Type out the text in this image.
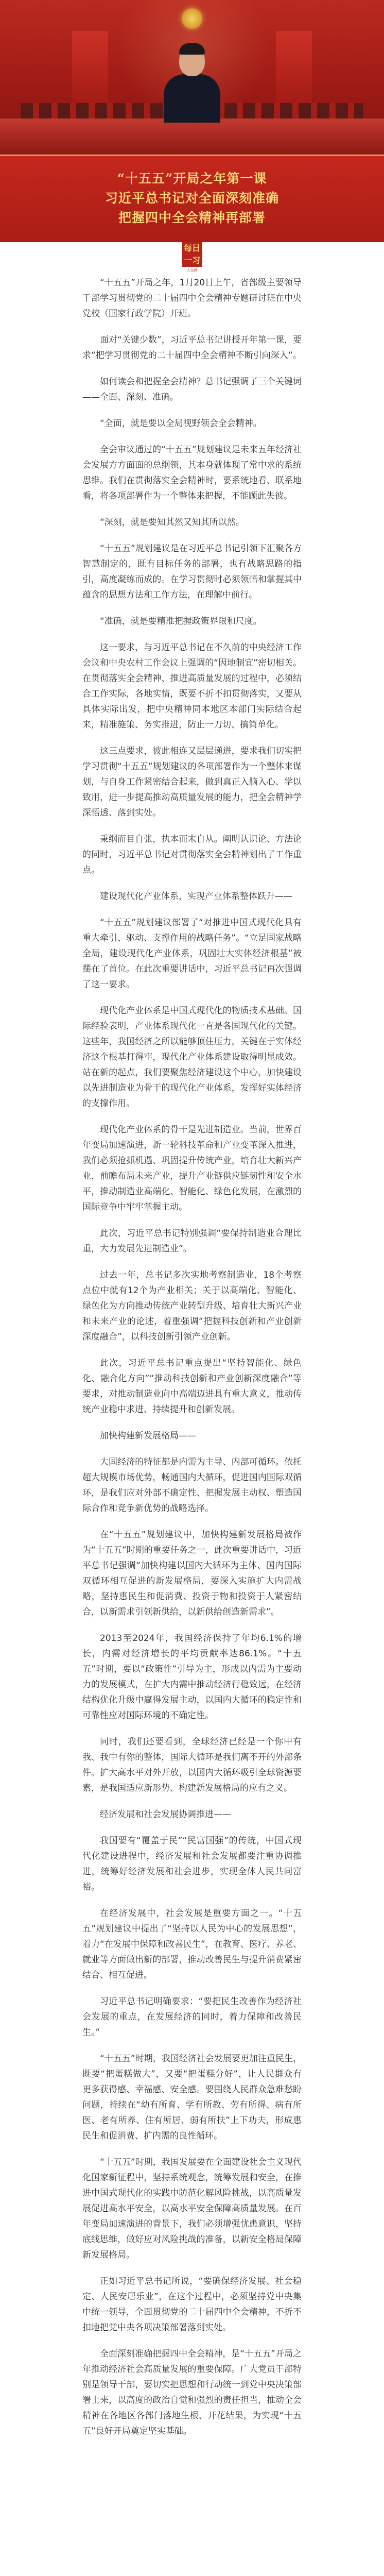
“十五五”开局之年第一课
习近平总书记对全面深刻准确
把握四中全会精神再部署
每日一习
大众网

“十五五”开局之年，1月20日上午，省部级主要领导干部学习贯彻党的二十届四中全会精神专题研讨班在中央党校（国家行政学院）开班。

面对“关键少数”，习近平总书记讲授开年第一课，要求“把学习贯彻党的二十届四中全会精神不断引向深入”。

如何读会和把握全会精神？总书记强调了三个关键词——全面、深刻、准确。

“全面，就是要以全局视野领会全会精神。

全会审议通过的“十五五”规划建议是未来五年经济社会发展方方面面的总纲领，其本身就体现了常中求的系统思维。我们在贯彻落实全会精神时，要系统地看、联系地看，将各项部署作为一个整体来把握，不能顾此失彼。

“深刻，就是要知其然又知其所以然。

“十五五”规划建议是在习近平总书记引领下汇聚各方智慧制定的，既有目标任务的部署，也有战略思路的指引，高度凝练而成的。在学习贯彻时必须领悟和掌握其中蕴含的思想方法和工作方法，在理解中前行。

“准确，就是要精准把握政策界限和尺度。

这一要求，与习近平总书记在不久前的中央经济工作会议和中央农村工作会议上强调的“因地制宜”密切相关。在贯彻落实全会精神、推进高质量发展的过程中，必须结合工作实际，各地实情，既要不折不扣贯彻落实，又要从具体实际出发，把中央精神同本地区本部门实际结合起来，精准施策、务实推进，防止一刀切、搞简单化。

这三点要求，彼此相连又层层递进，要求我们切实把学习贯彻“十五五”规划建议的各项部署作为一个整体来谋划，与自身工作紧密结合起来，做到真正入脑入心、学以致用，进一步提高推动高质量发展的能力，把全会精神学深悟透、落到实处。

秉纲而目自张，执本而末自从。阐明认识论、方法论的同时，习近平总书记对贯彻落实全会精神划出了工作重点。

建设现代化产业体系，实现产业体系整体跃升——

“十五五”规划建议部署了“对推进中国式现代化具有重大牵引、驱动、支撑作用的战略任务”。“立足国家战略全局，建设现代化产业体系，巩固壮大实体经济根基”被摆在了首位。在此次重要讲话中，习近平总书记再次强调了这一要求。

现代化产业体系是中国式现代化的物质技术基础。国际经验表明，产业体系现代化一直是各国现代化的关键。这些年，我国经济之所以能够顶住压力，关键在于实体经济这个根基打得牢，现代化产业体系建设取得明显成效。站在新的起点，我们要聚焦经济建设这个中心，加快建设以先进制造业为骨干的现代化产业体系，发挥好实体经济的支撑作用。

现代化产业体系的骨干是先进制造业。当前，世界百年变局加速演进，新一轮科技革命和产业变革深入推进，我们必须抢抓机遇、巩固提升传统产业，培育壮大新兴产业，前瞻布局未来产业，提升产业链供应链韧性和安全水平，推动制造业高端化、智能化、绿色化发展，在激烈的国际竞争中牢牢掌握主动。

此次，习近平总书记特别强调“要保持制造业合理比重，大力发展先进制造业”。

过去一年，总书记多次实地考察制造业，18个考察点位中就有12个为产业相关；关于以高端化、智能化、绿色化为方向推动传统产业转型升级、培育壮大新兴产业和未来产业的论述，着重强调“把握科技创新和产业创新深度融合”，以科技创新引领产业创新。

此次，习近平总书记重点提出“坚持智能化、绿色化、融合化方向”“推动科技创新和产业创新深度融合”等要求，对推动制造业向中高端迈进具有重大意义，推动传统产业稳中求进、持续提升和创新发展。

加快构建新发展格局——

大国经济的特征都是内需为主导、内部可循环。依托超大规模市场优势，畅通国内大循环，促进国内国际双循环，是我们应对外部不确定性、把握发展主动权、塑造国际合作和竞争新优势的战略选择。

在“十五五”规划建议中，加快构建新发展格局被作为“十五五”时期的重要任务之一，此次重要讲话中，习近平总书记强调“加快构建以国内大循环为主体、国内国际双循环相互促进的新发展格局，要深入实施扩大内需战略，坚持惠民生和促消费、投资于物和投资于人紧密结合，以新需求引领新供给，以新供给创造新需求”。

2013至2024年，我国经济保持了年均6.1%的增长，内需对经济增长的平均贡献率达86.1%。“十五五”时期，要以“政策性”引导为主，形成以内需为主要动力的发展模式，在扩大内需中推动经济行稳致远，在经济结构优化升级中赢得发展主动，以国内大循环的稳定性和可靠性应对国际环境的不确定性。

同时，我们还要看到，全球经济已经是一个你中有我、我中有你的整体，国际大循环是我们离不开的外部条件。扩大高水平对外开放，以国内大循环吸引全球资源要素，是我国适应新形势、构建新发展格局的应有之义。

经济发展和社会发展协调推进——

我国要有“覆盖于民”“民富国强”的传统，中国式现代化建设进程中，经济发展和社会发展都要注重协调推进，统筹好经济发展和社会进步，实现全体人民共同富裕。

在经济发展中，社会发展是重要方面之一。“十五五”规划建议中提出了“坚持以人民为中心的发展思想”，着力“在发展中保障和改善民生”，在教育、医疗、养老、就业等方面做出新的部署，推动改善民生与提升消费紧密结合、相互促进。

习近平总书记明确要求：“要把民生改善作为经济社会发展的重点，在发展经济的同时，着力保障和改善民生。”

“十五五”时期，我国经济社会发展要更加注重民生，既要“把蛋糕做大”，又要“把蛋糕分好”，让人民群众有更多获得感、幸福感、安全感。要围绕人民群众急难愁盼问题，持续在“幼有所育、学有所教、劳有所得、病有所医、老有所养、住有所居、弱有所扶”上下功夫，形成惠民生和促消费、扩内需的良性循环。

“十五五”时期，我国发展要在全面建设社会主义现代化国家新征程中，坚持系统观念，统筹发展和安全，在推进中国式现代化的实践中防范化解风险挑战，以高质量发展促进高水平安全，以高水平安全保障高质量发展。在百年变局加速演进的背景下，我们必须增强忧患意识，坚持底线思维，做好应对风险挑战的准备，以新安全格局保障新发展格局。

正如习近平总书记所说，“要确保经济发展、社会稳定、人民安居乐业”，在这个过程中，必须坚持党中央集中统一领导，全面贯彻党的二十届四中全会精神，不折不扣地把党中央各项决策部署落到实处。

全面深刻准确把握四中全会精神，是“十五五”开局之年推动经济社会高质量发展的重要保障。广大党员干部特别是领导干部，要切实把思想和行动统一到党中央决策部署上来，以高度的政治自觉和强烈的责任担当，推动全会精神在各地区各部门落地生根、开花结果，为实现“十五五”良好开局奠定坚实基础。
